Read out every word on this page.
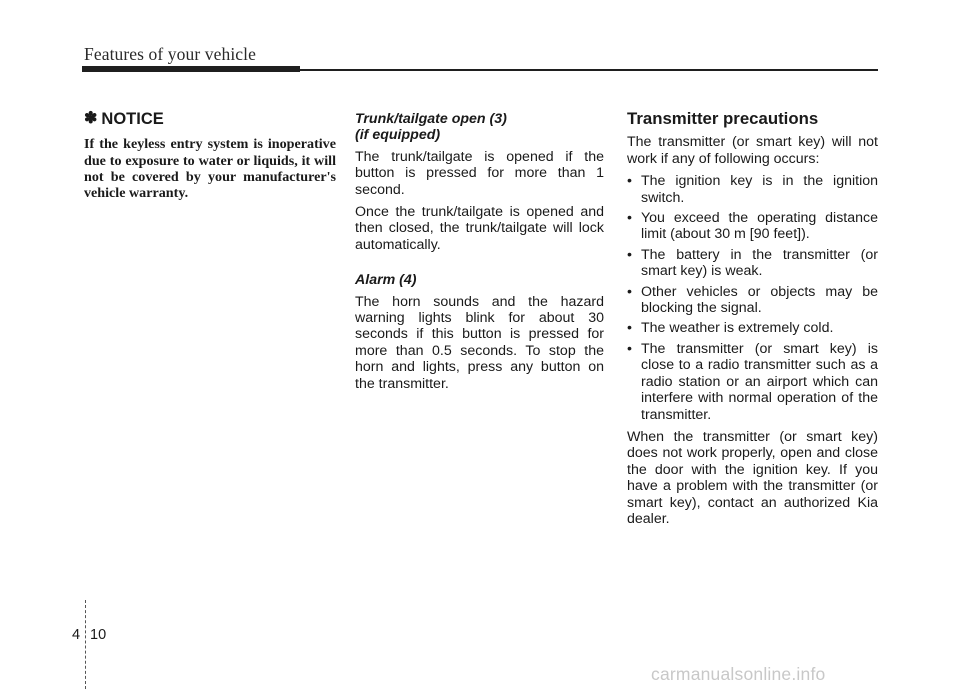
Features of your vehicle
✽ NOTICE

If the keyless entry system is inoperative due to exposure to water or liquids, it will not be covered by your manufacturer's vehicle warranty.

Trunk/tailgate open (3)
(if equipped)

The trunk/tailgate is opened if the button is pressed for more than 1 second.

Once the trunk/tailgate is opened and then closed, the trunk/tailgate will lock automatically.

Alarm (4)

The horn sounds and the hazard warning lights blink for about 30 seconds if this button is pressed for more than 0.5 seconds. To stop the horn and lights, press any button on the transmitter.

Transmitter precautions

The transmitter (or smart key) will not work if any of following occurs:

• The ignition key is in the ignition switch.
• You exceed the operating distance limit (about 30 m [90 feet]).
• The battery in the transmitter (or smart key) is weak.
• Other vehicles or objects may be blocking the signal.
• The weather is extremely cold.
• The transmitter (or smart key) is close to a radio transmitter such as a radio station or an airport which can interfere with normal operation of the transmitter.

When the transmitter (or smart key) does not work properly, open and close the door with the ignition key. If you have a problem with the transmitter (or smart key), contact an authorized Kia dealer.

4 10
carmanualsonline.info
